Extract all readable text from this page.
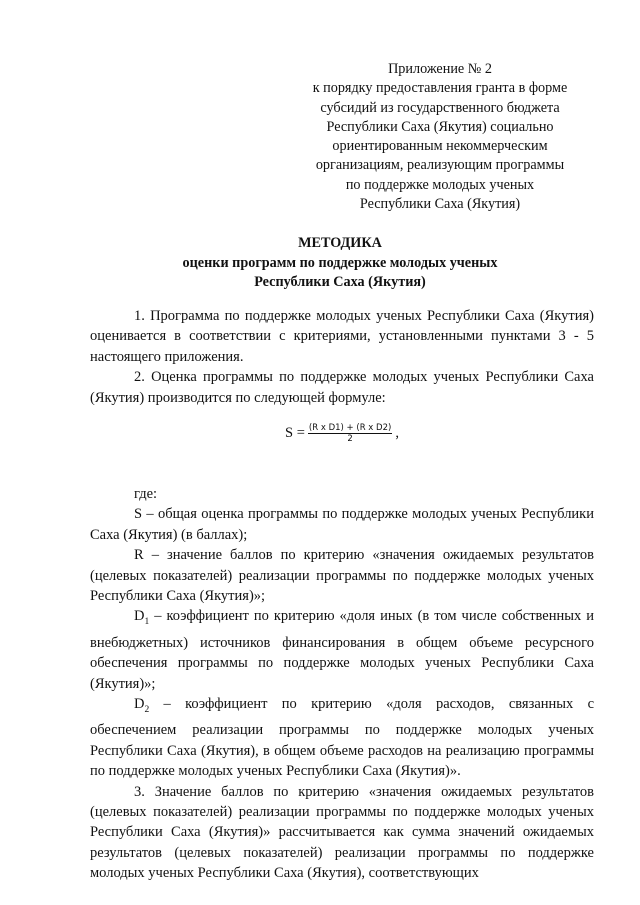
Приложение № 2
к порядку предоставления гранта в форме
субсидий из государственного бюджета
Республики Саха (Якутия) социально
ориентированным некоммерческим
организациям, реализующим программы
по поддержке молодых ученых
Республики Саха (Якутия)
МЕТОДИКА
оценки программ по поддержке молодых ученых
Республики Саха (Якутия)

1. Программа по поддержке молодых ученых Республики Саха (Якутия) оценивается в соответствии с критериями, установленными пунктами 3 - 5 настоящего приложения.

2. Оценка программы по поддержке молодых ученых Республики Саха (Якутия) производится по следующей формуле:

$S = \frac{\text{(R x D1) + (R x D2)}}{2}$ ,

где:

S – общая оценка программы по поддержке молодых ученых Республики Саха (Якутия) (в баллах);

R – значение баллов по критерию «значения ожидаемых результатов (целевых показателей) реализации программы по поддержке молодых ученых Республики Саха (Якутия)»;

$D_1$ – коэффициент по критерию «доля иных (в том числе собственных и внебюджетных) источников финансирования в общем объеме ресурсного обеспечения программы по поддержке молодых ученых Республики Саха (Якутия)»;

$D_2$ – коэффициент по критерию «доля расходов, связанных с обеспечением реализации программы по поддержке молодых ученых Республики Саха (Якутия), в общем объеме расходов на реализацию программы по поддержке молодых ученых Республики Саха (Якутия)».

3. Значение баллов по критерию «значения ожидаемых результатов (целевых показателей) реализации программы по поддержке молодых ученых Республики Саха (Якутия)» рассчитывается как сумма значений ожидаемых результатов (целевых показателей) реализации программы по поддержке молодых ученых Республики Саха (Якутия), соответствующих
